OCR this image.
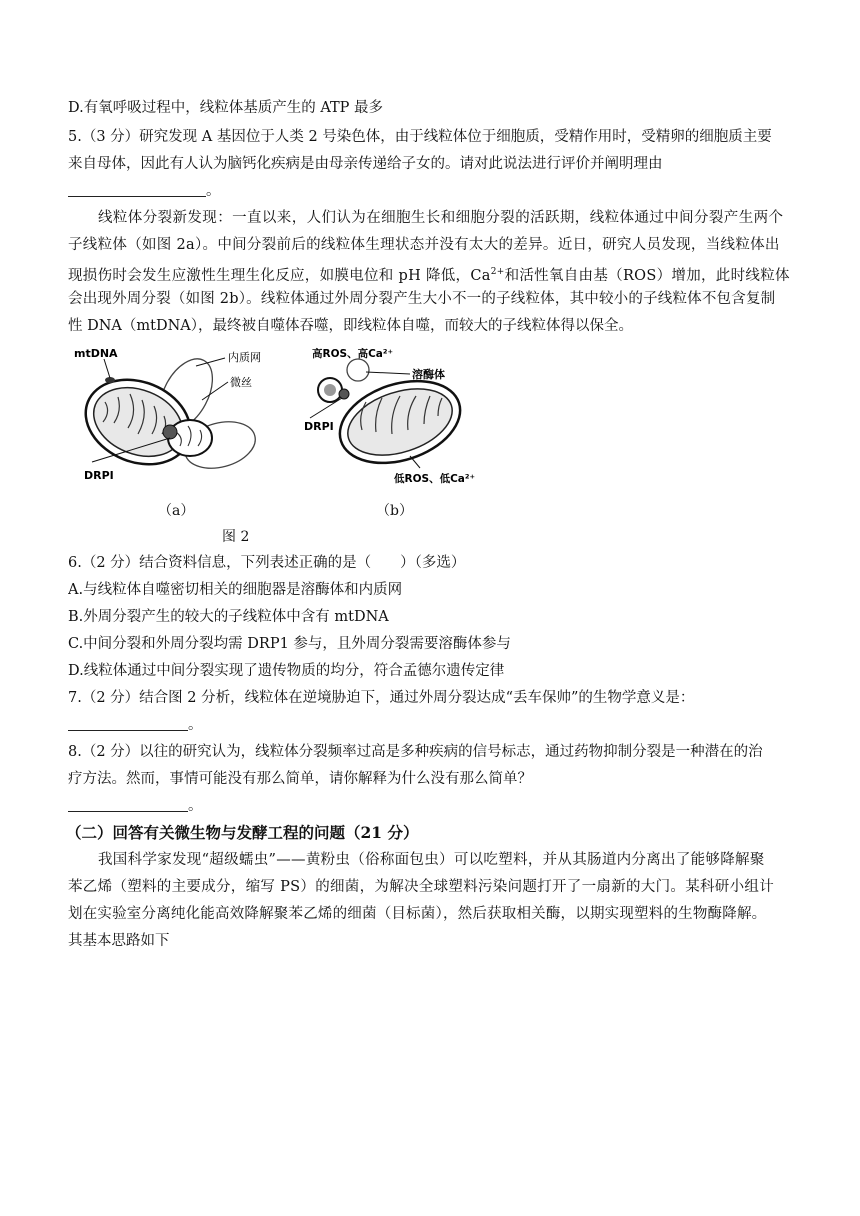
D.有氧呼吸过程中，线粒体基质产生的 ATP 最多
5.（3 分）研究发现 A 基因位于人类 2 号染色体，由于线粒体位于细胞质，受精作用时，受精卵的细胞质主要
来自母体，因此有人认为脑钙化疾病是由母亲传递给子女的。请对此说法进行评价并阐明理由
。
线粒体分裂新发现：一直以来，人们认为在细胞生长和细胞分裂的活跃期，线粒体通过中间分裂产生两个
子线粒体（如图 2a）。中间分裂前后的线粒体生理状态并没有太大的差异。近日，研究人员发现，当线粒体出
现损伤时会发生应激性生理生化反应，如膜电位和 pH 降低，$Ca^{2+}$和活性氧自由基（ROS）增加，此时线粒体
会出现外周分裂（如图 2b）。线粒体通过外周分裂产生大小不一的子线粒体，其中较小的子线粒体不包含复制
性 DNA（mtDNA），最终被自噬体吞噬，即线粒体自噬，而较大的子线粒体得以保全。
mtDNA	内质网
微丝
DRPI
高ROS、高Ca²⁺
溶酶体
DRPI
低ROS、低Ca²⁺
（a）	（b）
图 2
6.（2 分）结合资料信息，下列表述正确的是（　　）（多选）
A.与线粒体自噬密切相关的细胞器是溶酶体和内质网
B.外周分裂产生的较大的子线粒体中含有 mtDNA
C.中间分裂和外周分裂均需 DRP1 参与，且外周分裂需要溶酶体参与
D.线粒体通过中间分裂实现了遗传物质的均分，符合孟德尔遗传定律
7.（2 分）结合图 2 分析，线粒体在逆境胁迫下，通过外周分裂达成“丢车保帅”的生物学意义是：
。
8.（2 分）以往的研究认为，线粒体分裂频率过高是多种疾病的信号标志，通过药物抑制分裂是一种潜在的治
疗方法。然而，事情可能没有那么简单，请你解释为什么没有那么简单？
。
（二）回答有关微生物与发酵工程的问题（21 分）
我国科学家发现“超级蠕虫”——黄粉虫（俗称面包虫）可以吃塑料，并从其肠道内分离出了能够降解聚
苯乙烯（塑料的主要成分，缩写 PS）的细菌，为解决全球塑料污染问题打开了一扇新的大门。某科研小组计
划在实验室分离纯化能高效降解聚苯乙烯的细菌（目标菌），然后获取相关酶，以期实现塑料的生物酶降解。
其基本思路如下
